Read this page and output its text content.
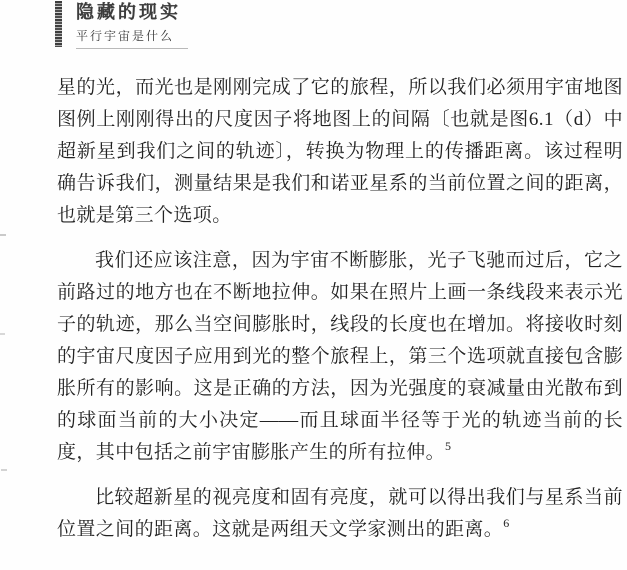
隐藏的现实
平行宇宙是什么

星的光，而光也是刚刚完成了它的旅程，所以我们必须用宇宙地图图例上刚刚得出的尺度因子将地图上的间隔〔也就是图6.1（d）中超新星到我们之间的轨迹〕，转换为物理上的传播距离。该过程明确告诉我们，测量结果是我们和诺亚星系的当前位置之间的距离，也就是第三个选项。

我们还应该注意，因为宇宙不断膨胀，光子飞驰而过后，它之前路过的地方也在不断地拉伸。如果在照片上画一条线段来表示光子的轨迹，那么当空间膨胀时，线段的长度也在增加。将接收时刻的宇宙尺度因子应用到光的整个旅程上，第三个选项就直接包含膨胀所有的影响。这是正确的方法，因为光强度的衰减量由光散布到的球面当前的大小决定——而且球面半径等于光的轨迹当前的长度，其中包括之前宇宙膨胀产生的所有拉伸。$^5$

比较超新星的视亮度和固有亮度，就可以得出我们与星系当前位置之间的距离。这就是两组天文学家测出的距离。$^6$
